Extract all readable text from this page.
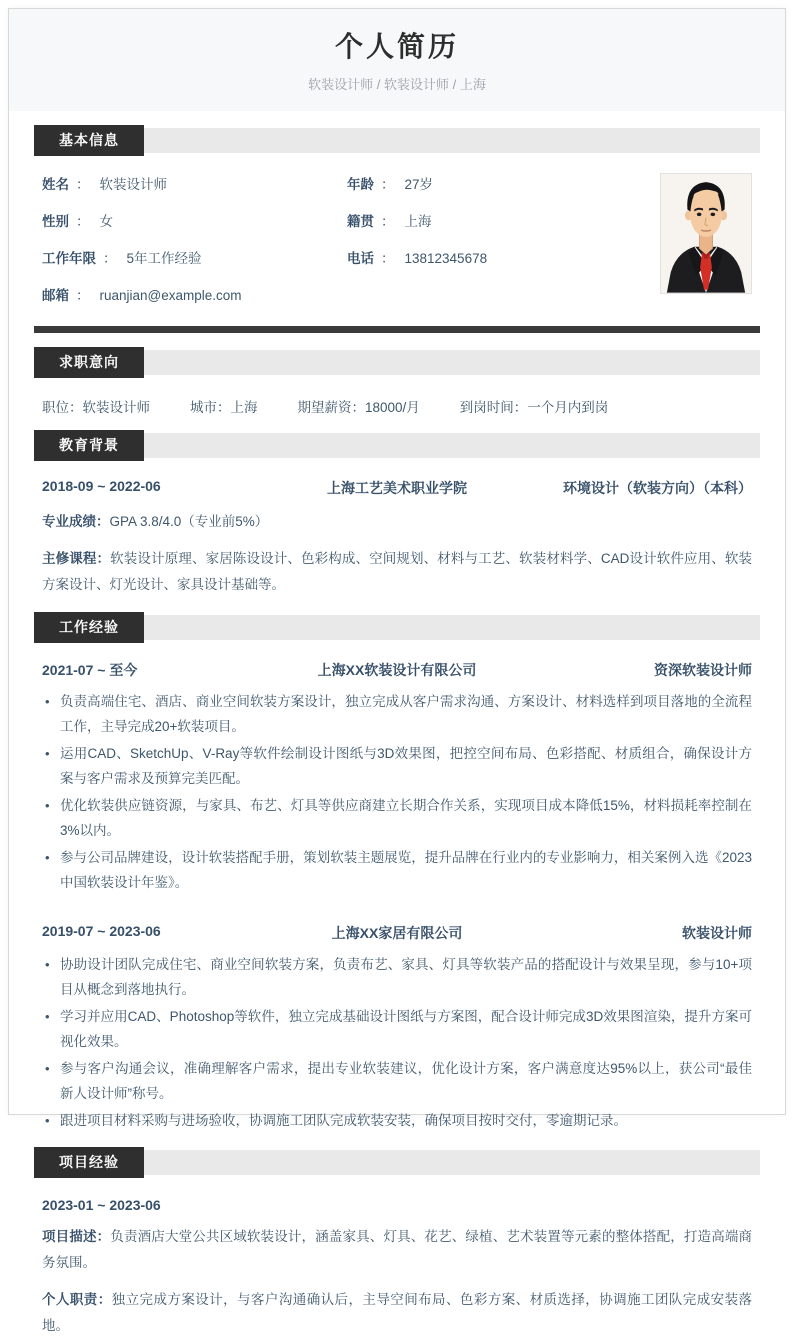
个人简历
软装设计师 / 软装设计师 / 上海
基本信息
姓名 ： 软装设计师	年龄 ： 27岁
性别 ： 女	籍贯 ： 上海
工作年限 ： 5年工作经验	电话 ： 13812345678
邮箱 ： ruanjian@example.com
求职意向
职位：软装设计师	城市：上海	期望薪资：18000/月	到岗时间：一个月内到岗
教育背景
2018-09 ~ 2022-06	上海工艺美术职业学院	环境设计（软装方向）（本科）
专业成绩：GPA 3.8/4.0（专业前5%）
主修课程：软装设计原理、家居陈设设计、色彩构成、空间规划、材料与工艺、软装材料学、CAD设计软件应用、软装方案设计、灯光设计、家具设计基础等。
工作经验
2021-07 ~ 至今	上海XX软装设计有限公司	资深软装设计师
• 负责高端住宅、酒店、商业空间软装方案设计，独立完成从客户需求沟通、方案设计、材料选样到项目落地的全流程工作，主导完成20+软装项目。
• 运用CAD、SketchUp、V-Ray等软件绘制设计图纸与3D效果图，把控空间布局、色彩搭配、材质组合，确保设计方案与客户需求及预算完美匹配。
• 优化软装供应链资源，与家具、布艺、灯具等供应商建立长期合作关系，实现项目成本降低15%，材料损耗率控制在3%以内。
• 参与公司品牌建设，设计软装搭配手册，策划软装主题展览，提升品牌在行业内的专业影响力，相关案例入选《2023中国软装设计年鉴》。
2019-07 ~ 2023-06	上海XX家居有限公司	软装设计师
• 协助设计团队完成住宅、商业空间软装方案，负责布艺、家具、灯具等软装产品的搭配设计与效果呈现，参与10+项目从概念到落地执行。
• 学习并应用CAD、Photoshop等软件，独立完成基础设计图纸与方案图，配合设计师完成3D效果图渲染，提升方案可视化效果。
• 参与客户沟通会议，准确理解客户需求，提出专业软装建议，优化设计方案，客户满意度达95%以上，获公司“最佳新人设计师”称号。
• 跟进项目材料采购与进场验收，协调施工团队完成软装安装，确保项目按时交付，零逾期记录。
项目经验
2023-01 ~ 2023-06
项目描述：负责酒店大堂公共区域软装设计，涵盖家具、灯具、花艺、绿植、艺术装置等元素的整体搭配，打造高端商务氛围。
个人职责：独立完成方案设计，与客户沟通确认后，主导空间布局、色彩方案、材质选择，协调施工团队完成安装落地。
